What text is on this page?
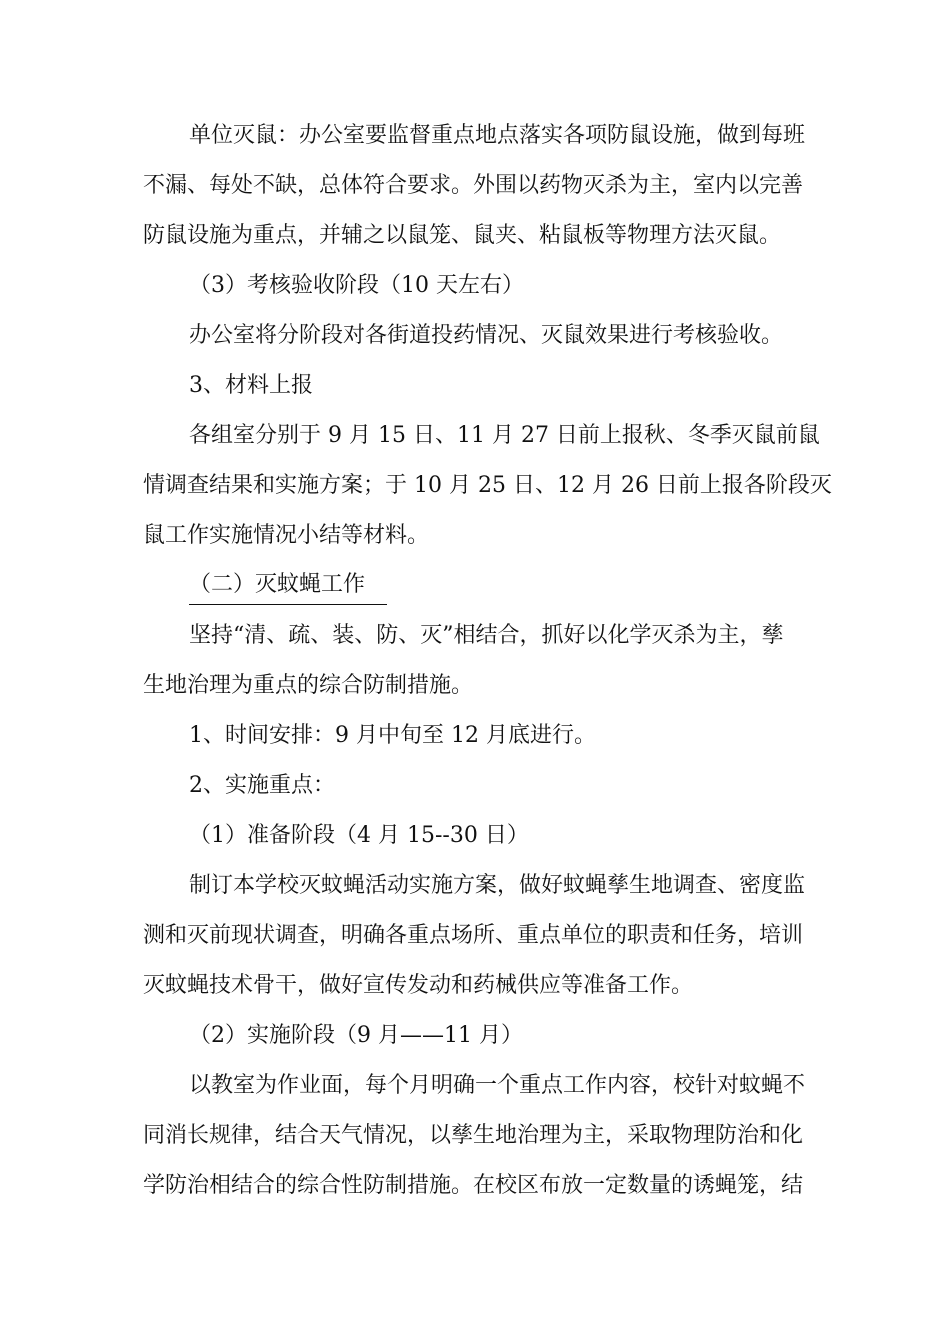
单位灭鼠：办公室要监督重点地点落实各项防鼠设施，做到每班
不漏、每处不缺，总体符合要求。外围以药物灭杀为主，室内以完善
防鼠设施为重点，并辅之以鼠笼、鼠夹、粘鼠板等物理方法灭鼠。
（3）考核验收阶段（10 天左右）
办公室将分阶段对各街道投药情况、灭鼠效果进行考核验收。
3、材料上报
各组室分别于 9 月 15 日、11 月 27 日前上报秋、冬季灭鼠前鼠
情调查结果和实施方案；于 10 月 25 日、12 月 26 日前上报各阶段灭
鼠工作实施情况小结等材料。
（二）灭蚊蝇工作
坚持“清、疏、装、防、灭”相结合，抓好以化学灭杀为主，孳
生地治理为重点的综合防制措施。
1、时间安排：9 月中旬至 12 月底进行。
2、实施重点：
（1）准备阶段（4 月 15--30 日）
制订本学校灭蚊蝇活动实施方案，做好蚊蝇孳生地调查、密度监
测和灭前现状调查，明确各重点场所、重点单位的职责和任务，培训
灭蚊蝇技术骨干，做好宣传发动和药械供应等准备工作。
（2）实施阶段（9 月——11 月）
以教室为作业面，每个月明确一个重点工作内容，校针对蚊蝇不
同消长规律，结合天气情况，以孳生地治理为主，采取物理防治和化
学防治相结合的综合性防制措施。在校区布放一定数量的诱蝇笼，结
